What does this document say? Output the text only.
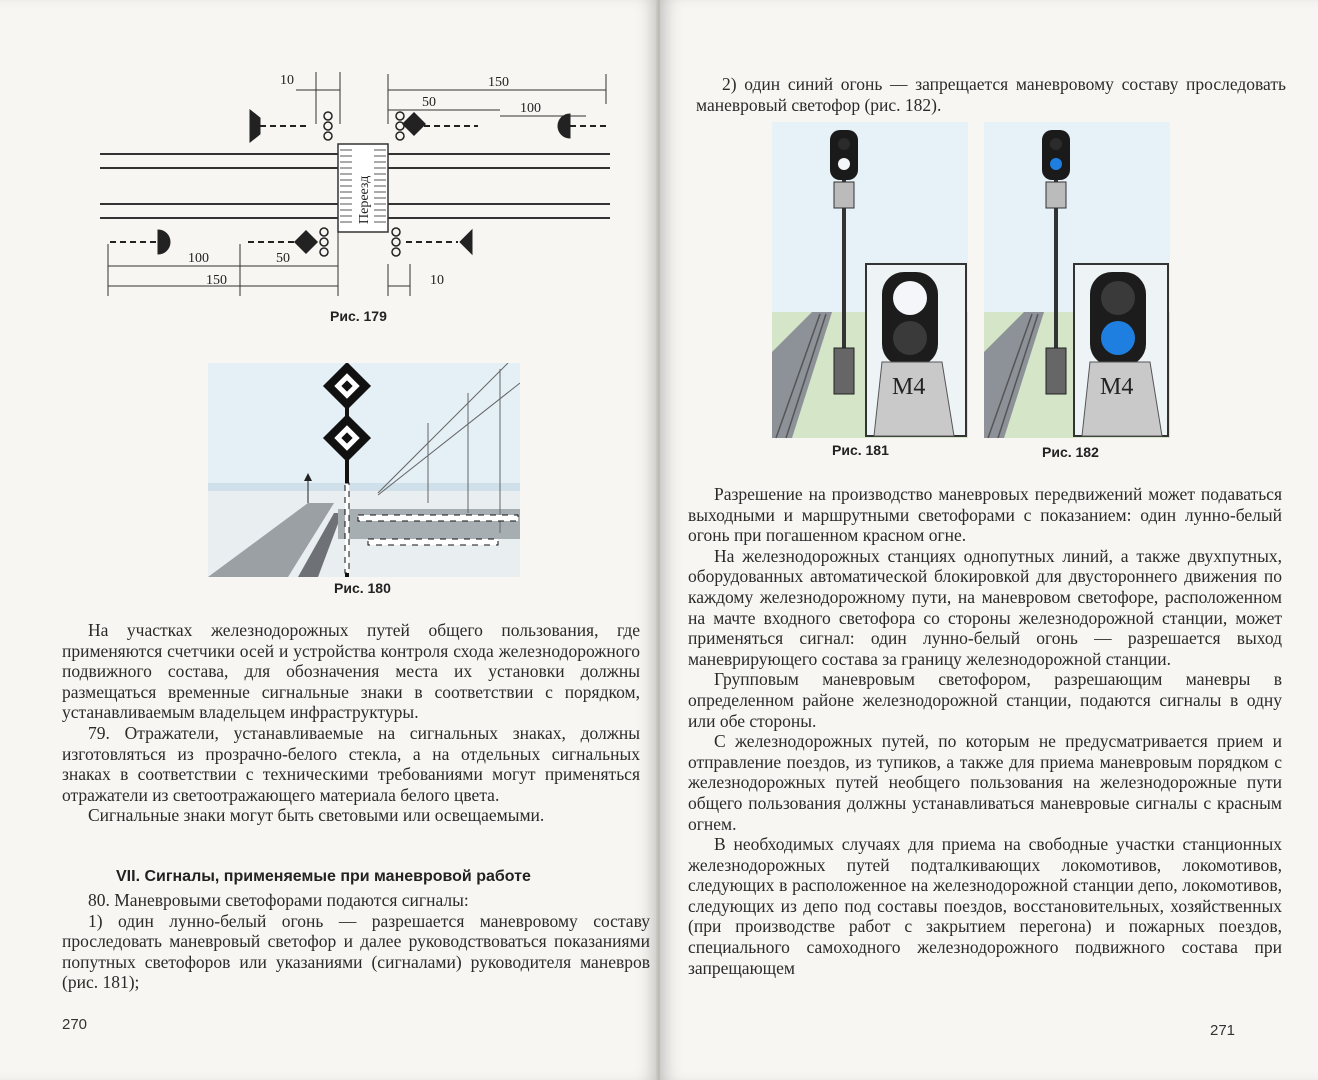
Переезд
10	150
50	100
100	50
150	10
Рис. 179
Рис. 180

На участках железнодорожных путей общего пользования, где применяются счетчики осей и устройства контроля схода железнодорожного подвижного состава, для обозначения места их установки должны размещаться временные сигнальные знаки в соответствии с порядком, устанавливаемым владельцем инфраструктуры.

79. Отражатели, устанавливаемые на сигнальных знаках, должны изготовляться из прозрачно-белого стекла, а на отдельных сигнальных знаках в соответствии с техническими требованиями могут применяться отражатели из светоотражающего материала белого цвета.

Сигнальные знаки могут быть световыми или освещаемыми.

VII. Сигналы, применяемые при маневровой работе

80. Маневровыми светофорами подаются сигналы:

1) один лунно-белый огонь — разрешается маневровому составу проследовать маневровый светофор и далее руководствоваться показаниями попутных светофоров или указаниями (сигналами) руководителя маневров (рис. 181);

270

2) один синий огонь — запрещается маневровому составу проследовать маневровый светофор (рис. 182).

М4
Рис. 181
М4
Рис. 182

Разрешение на производство маневровых передвижений может подаваться выходными и маршрутными светофорами с показанием: один лунно-белый огонь при погашенном красном огне.

На железнодорожных станциях однопутных линий, а также двухпутных, оборудованных автоматической блокировкой для двустороннего движения по каждому железнодорожному пути, на маневровом светофоре, расположенном на мачте входного светофора со стороны железнодорожной станции, может применяться сигнал: один лунно-белый огонь — разрешается выход маневрирующего состава за границу железнодорожной станции.

Групповым маневровым светофором, разрешающим маневры в определенном районе железнодорожной станции, подаются сигналы в одну или обе стороны.

С железнодорожных путей, по которым не предусматривается прием и отправление поездов, из тупиков, а также для приема маневровым порядком с железнодорожных путей необщего пользования на железнодорожные пути общего пользования должны устанавливаться маневровые сигналы с красным огнем.

В необходимых случаях для приема на свободные участки станционных железнодорожных путей подталкивающих локомотивов, локомотивов, следующих в расположенное на железнодорожной станции депо, локомотивов, следующих из депо под составы поездов, восстановительных, хозяйственных (при производстве работ с закрытием перегона) и пожарных поездов, специального самоходного железнодорожного подвижного состава при запрещающем

271
